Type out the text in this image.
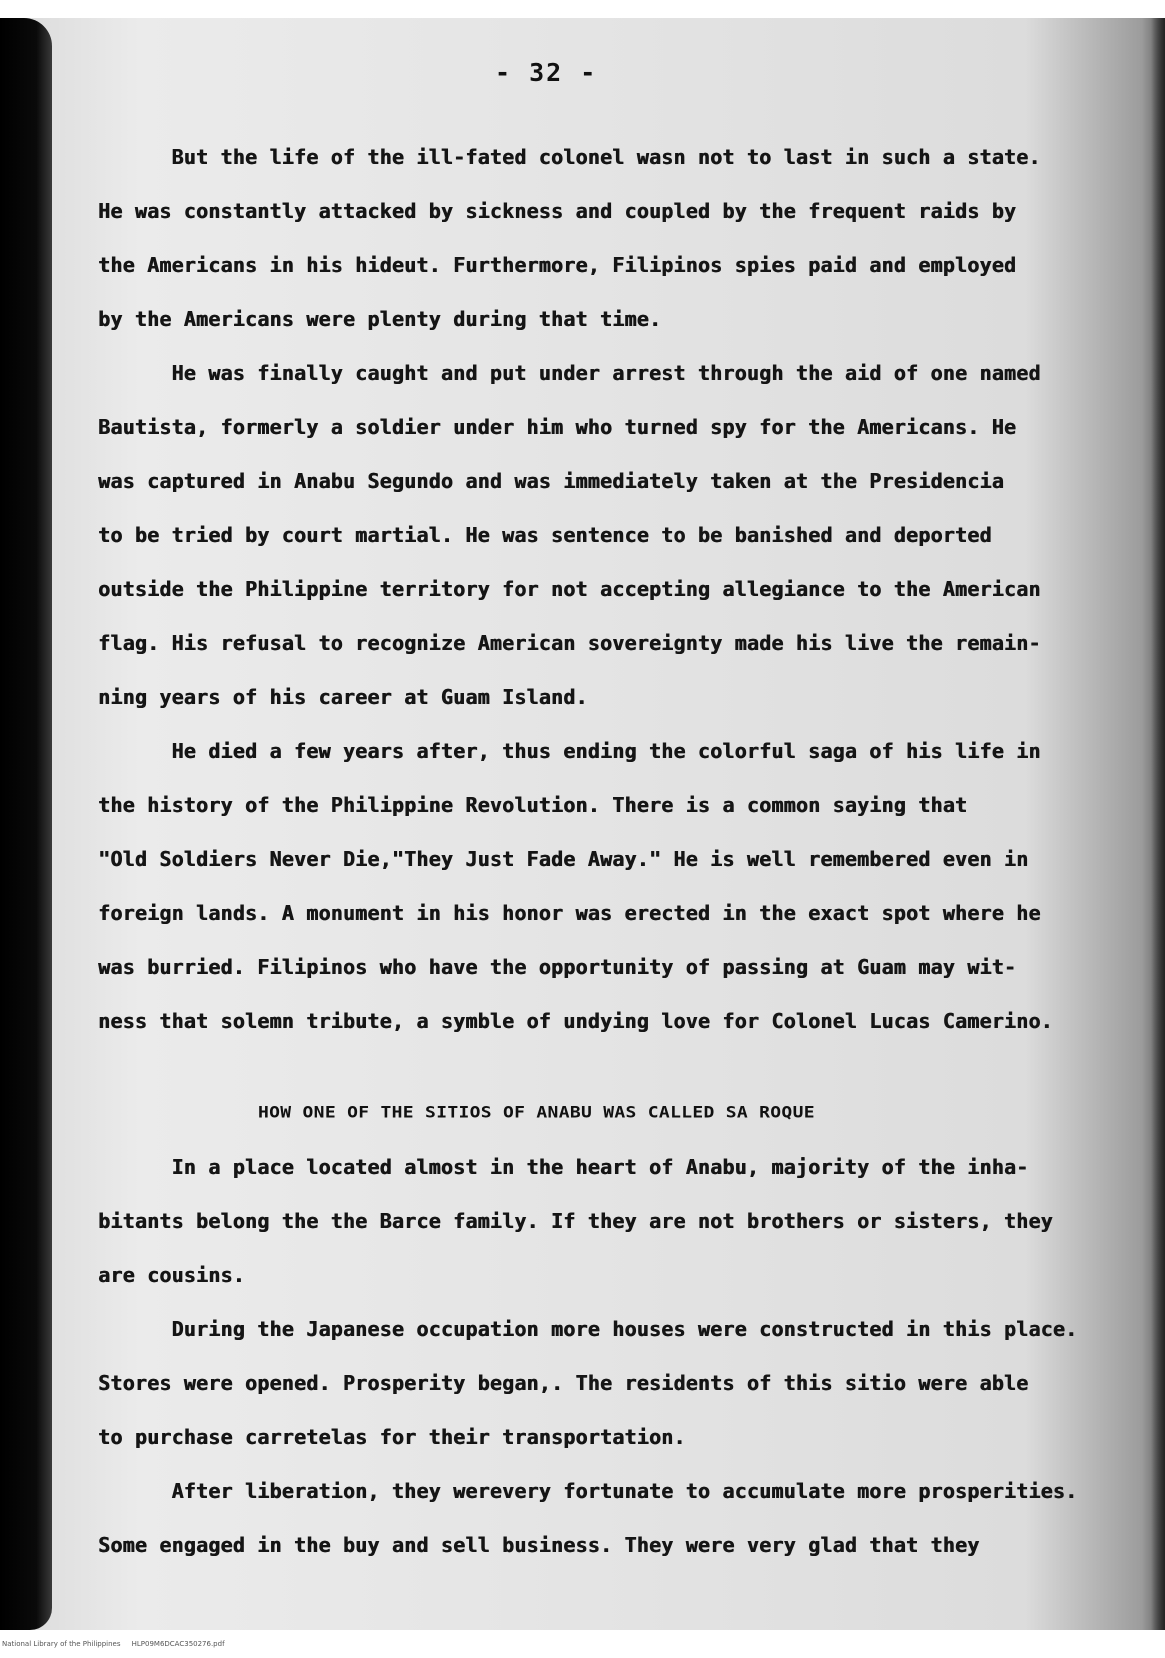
- 32 -

But the life of the ill-fated colonel wasn not to last in such a state.

He was constantly attacked by sickness and coupled by the frequent raids by

the Americans in his hideut. Furthermore, Filipinos spies paid and employed

by the Americans were plenty during that time.

He was finally caught and put under arrest through the aid of one named

Bautista, formerly a soldier under him who turned spy for the Americans. He

was captured in Anabu Segundo and was immediately taken at the Presidencia

to be tried by court martial. He was sentence to be banished and deported

outside the Philippine territory for not accepting allegiance to the American

flag. His refusal to recognize American sovereignty made his live the remain-

ning years of his career at Guam Island.

He died a few years after, thus ending the colorful saga of his life in

the history of the Philippine Revolution. There is a common saying that

"Old Soldiers Never Die,"They Just Fade Away." He is well remembered even in

foreign lands. A monument in his honor was erected in the exact spot where he

was burried. Filipinos who have the opportunity of passing at Guam may wit-

ness that solemn tribute, a symble of undying love for Colonel Lucas Camerino.

HOW ONE OF THE SITIOS OF ANABU WAS CALLED SA ROQUE

In a place located almost in the heart of Anabu, majority of the inha-

bitants belong the the Barce family. If they are not brothers or sisters, they

are cousins.

During the Japanese occupation more houses were constructed in this place.

Stores were opened. Prosperity began,. The residents of this sitio were able

to purchase carretelas for their transportation.

After liberation, they werevery fortunate to accumulate more prosperities.

Some engaged in the buy and sell business. They were very glad that they

National Library of the Philippines     HLP09M6DCAC350276.pdf
